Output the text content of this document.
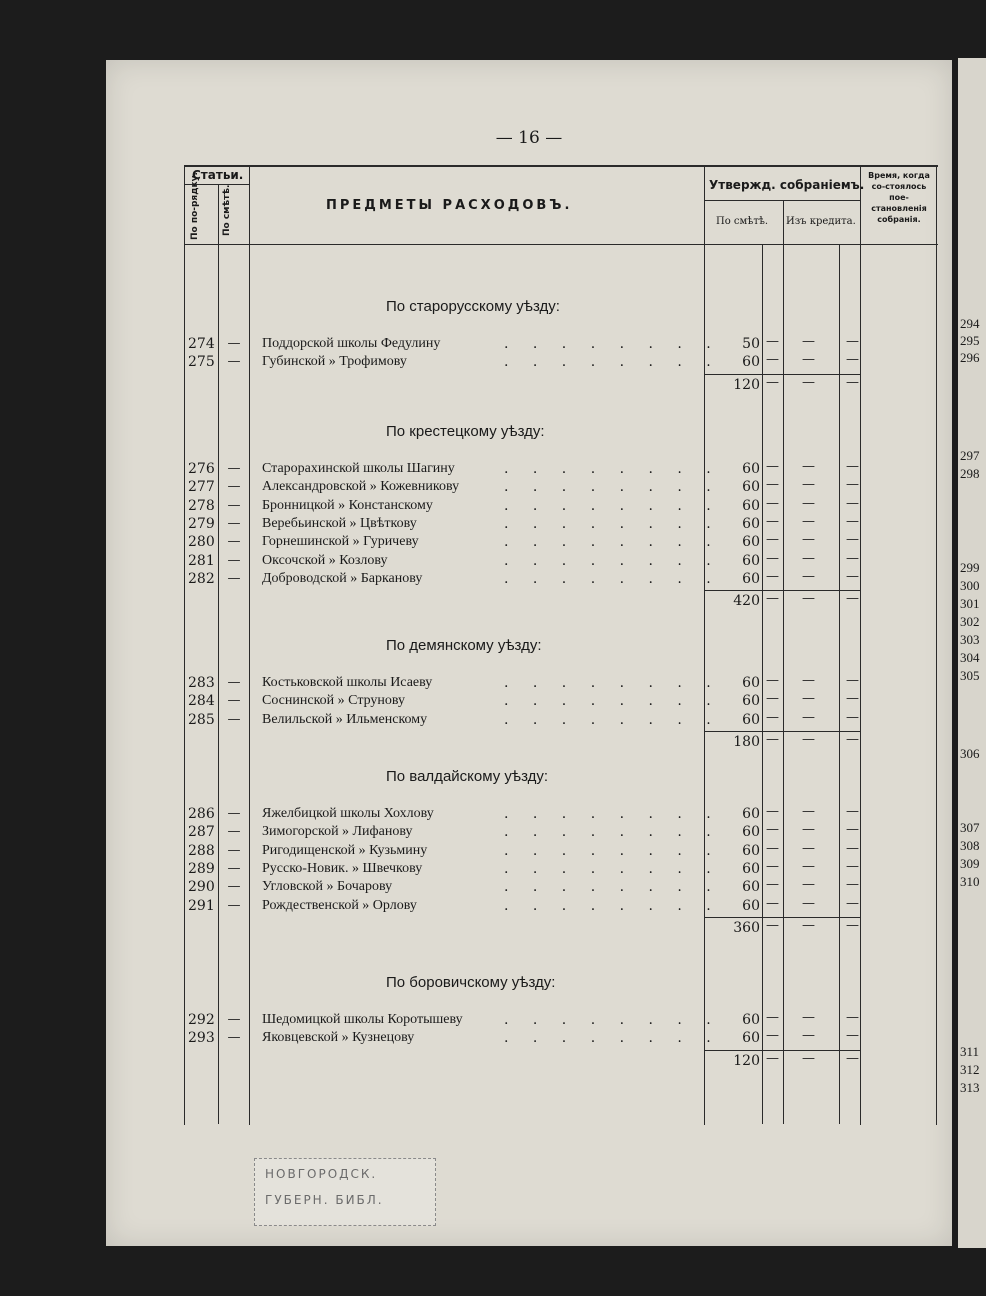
294
295
296
297
298
299
300
301
302
303
304
305
306
307
308
309
310
311
312
313
— 16 —
Статьи.
По по-рядку. По смѣтѣ.	ПРЕДМЕТЫ РАСХОДОВЪ.
Утвержд. собраніемъ.
По смѣтѣ. Изъ кредита.
Время, когда со-стоялось пое-становленія собранія.
По старорусскому уѣзду:
274 — Поддорской школы Федулину	. . . . . . . .	50 — — —
275 — Губинской » Трофимову	. . . . . . . .	60 — — —
120 — — —
По крестецкому уѣзду:
276 — Старорахинской школы Шагину	. . . . . . . .	60 — — —
277 — Александровской » Кожевникову	. . . . . . . .	60 — — —
278 — Бронницкой » Констанскому	. . . . . . . .	60 — — —
279 — Веребьинской » Цвѣткову	. . . . . . . .	60 — — —
280 — Горнешинской » Гуричеву	. . . . . . . .	60 — — —
281 — Оксочской » Козлову	. . . . . . . .	60 — — —
282 — Доброводской » Барканову	. . . . . . . .	60 — — —
420 — — —
По демянскому уѣзду:
283 — Костьковской школы Исаеву	. . . . . . . .	60 — — —
284 — Соснинской » Струнову	. . . . . . . .	60 — — —
285 — Велильской » Ильменскому	. . . . . . . .	60 — — —
180 — — —
По валдайскому уѣзду:
286 — Яжелбицкой школы Хохлову	. . . . . . . .	60 — — —
287 — Зимогорской » Лифанову	. . . . . . . .	60 — — —
288 — Ригодищенской » Кузьмину	. . . . . . . .	60 — — —
289 — Русско-Новик. » Швечкову	. . . . . . . .	60 — — —
290 — Угловской » Бочарову	. . . . . . . .	60 — — —
291 — Рождественской » Орлову	. . . . . . . .	60 — — —
360 — — —
По боровичскому уѣзду:
292 — Шедомицкой школы Коротышеву	. . . . . . . .	60 — — —
293 — Яковцевской » Кузнецову	. . . . . . . .	60 — — —
120 — — —
НОВГОРОДСК.
ГУБЕРН. БИБЛ.
